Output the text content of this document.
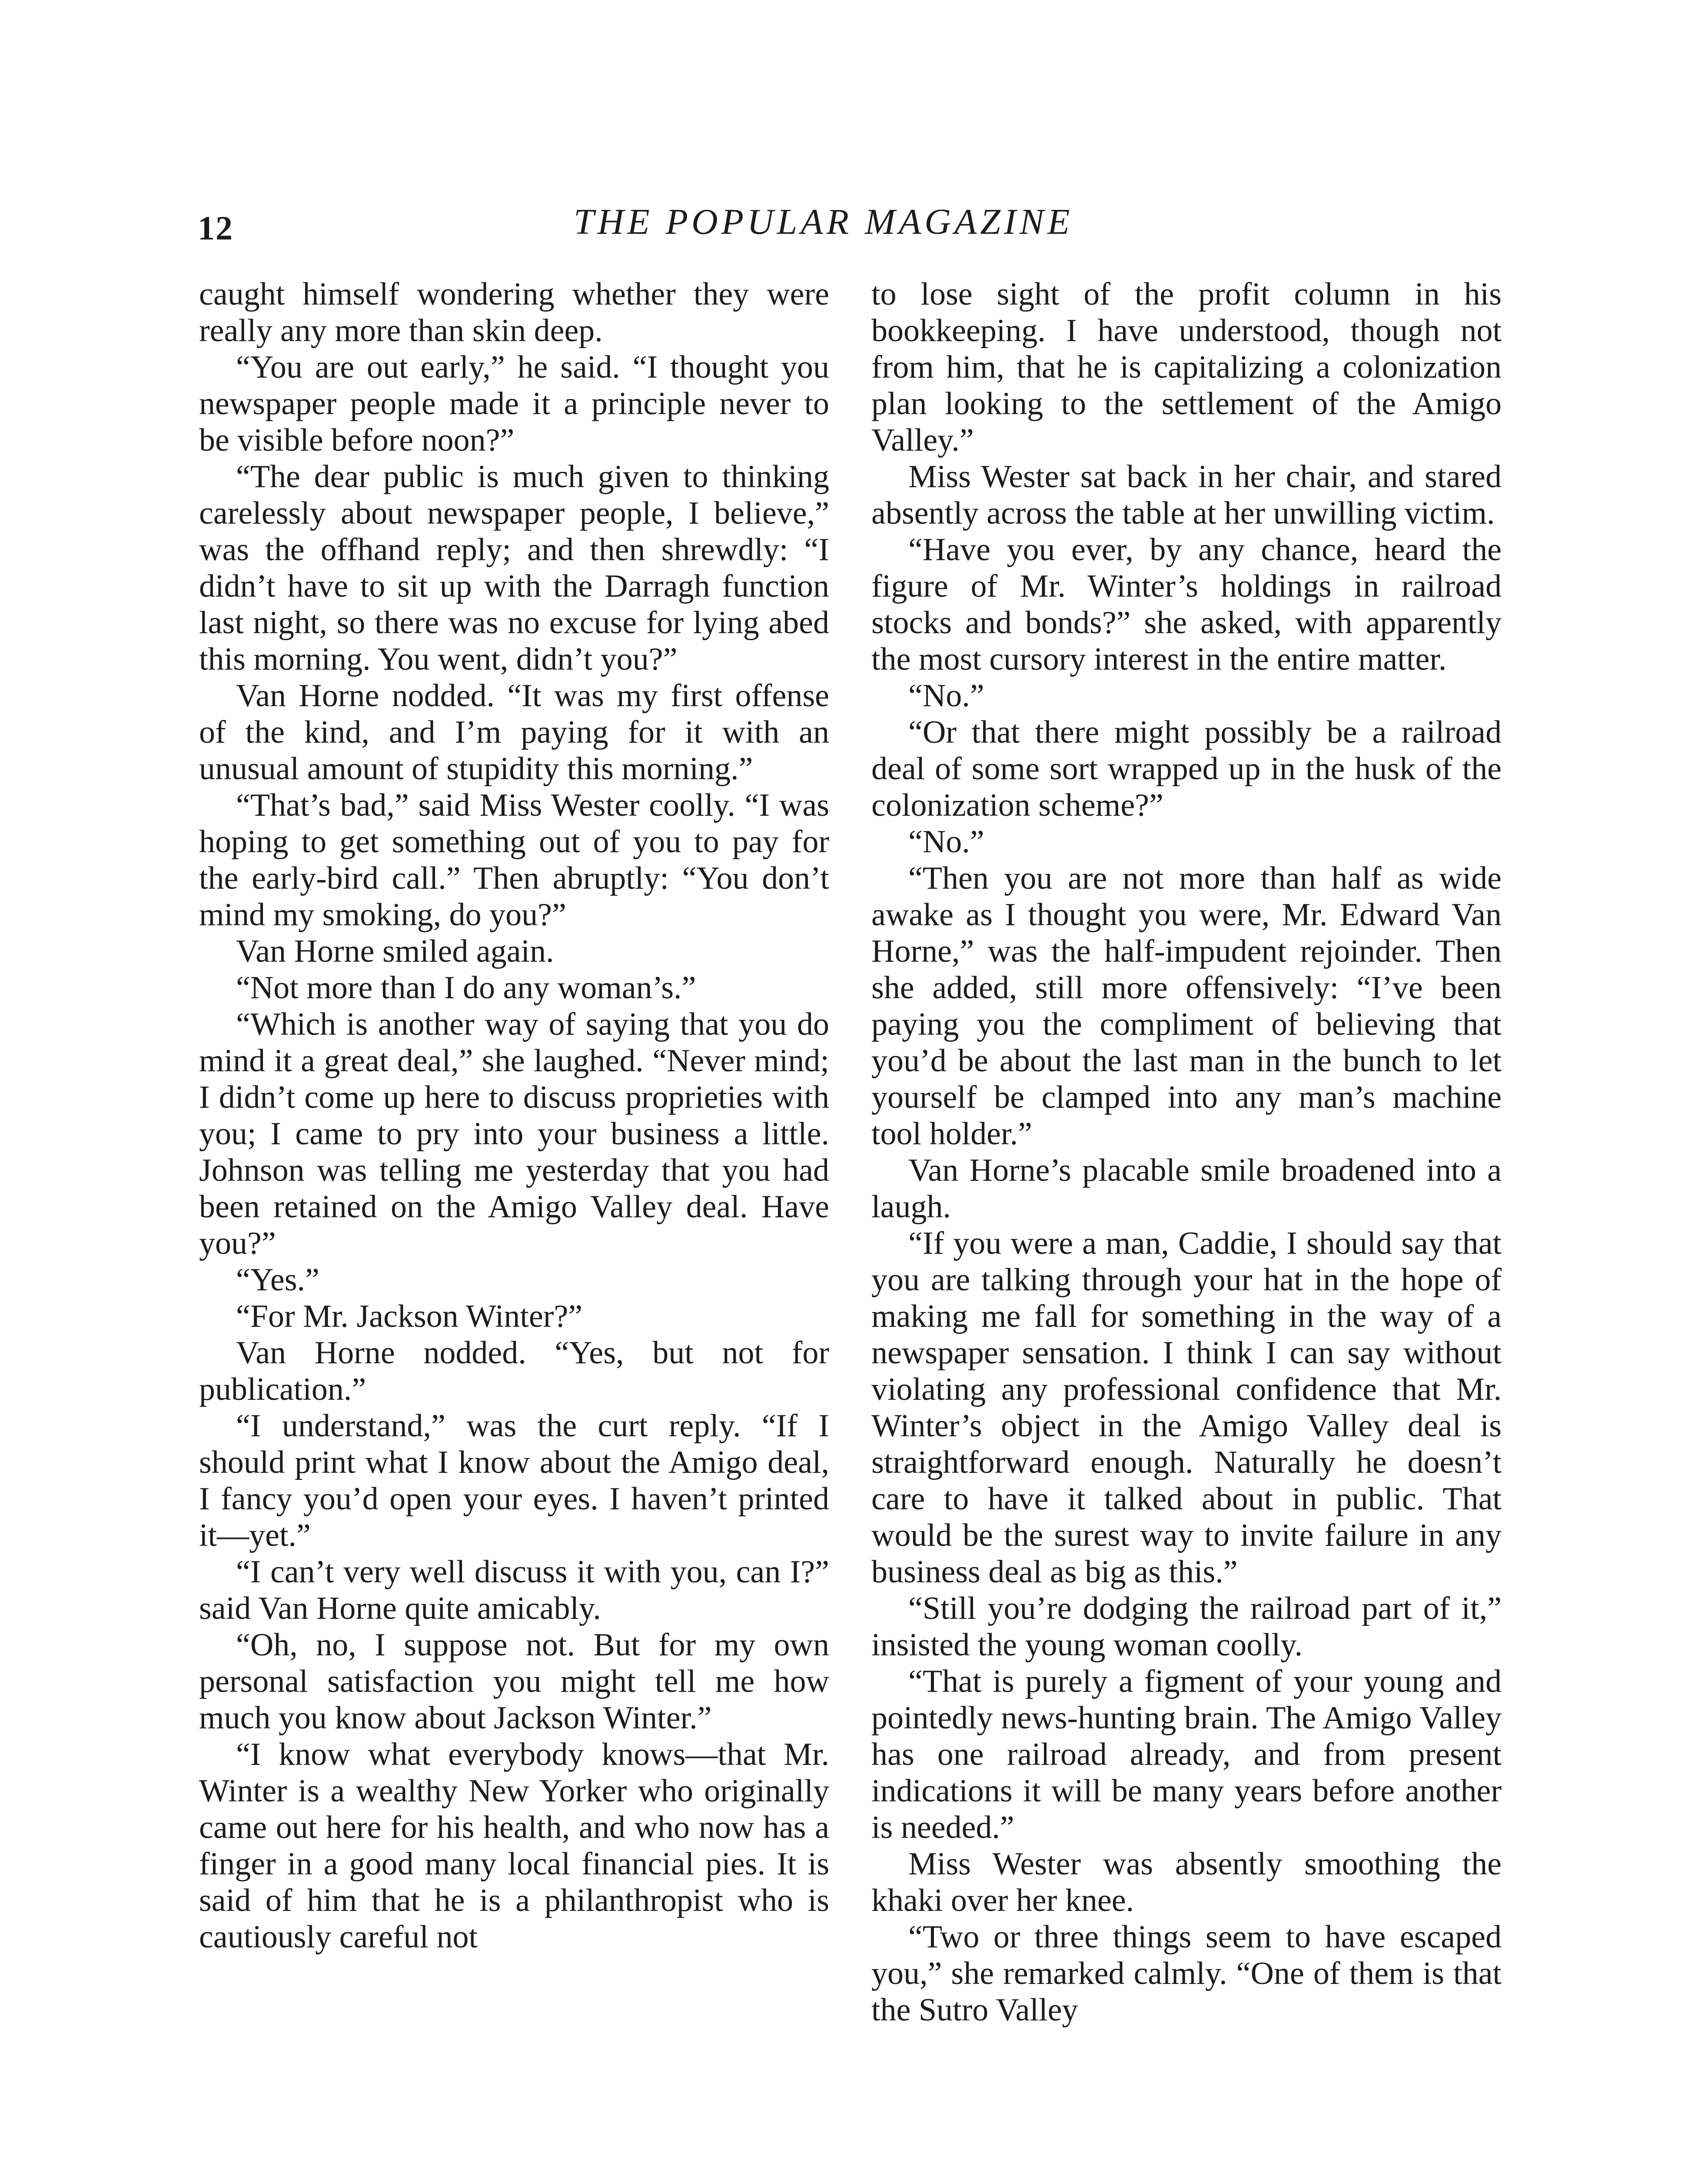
12	THE POPULAR MAGAZINE

caught himself wondering whether they were really any more than skin deep.

“You are out early,” he said. “I thought you newspaper people made it a principle never to be visible before noon?”

“The dear public is much given to thinking carelessly about newspaper people, I believe,” was the offhand reply; and then shrewdly: “I didn’t have to sit up with the Darragh function last night, so there was no excuse for lying abed this morning. You went, didn’t you?”

Van Horne nodded. “It was my first offense of the kind, and I’m paying for it with an unusual amount of stupidity this morning.”

“That’s bad,” said Miss Wester coolly. “I was hoping to get something out of you to pay for the early-bird call.” Then abruptly: “You don’t mind my smoking, do you?”

Van Horne smiled again.

“Not more than I do any woman’s.”

“Which is another way of saying that you do mind it a great deal,” she laughed. “Never mind; I didn’t come up here to discuss proprieties with you; I came to pry into your business a little. Johnson was telling me yesterday that you had been retained on the Amigo Valley deal. Have you?”

“Yes.”

“For Mr. Jackson Winter?”

Van Horne nodded. “Yes, but not for publication.”

“I understand,” was the curt reply. “If I should print what I know about the Amigo deal, I fancy you’d open your eyes. I haven’t printed it—yet.”

“I can’t very well discuss it with you, can I?” said Van Horne quite amicably.

“Oh, no, I suppose not. But for my own personal satisfaction you might tell me how much you know about Jackson Winter.”

“I know what everybody knows—that Mr. Winter is a wealthy New Yorker who originally came out here for his health, and who now has a finger in a good many local financial pies. It is said of him that he is a philanthropist who is cautiously careful not

to lose sight of the profit column in his bookkeeping. I have understood, though not from him, that he is capitalizing a colonization plan looking to the settlement of the Amigo Valley.”

Miss Wester sat back in her chair, and stared absently across the table at her unwilling victim.

“Have you ever, by any chance, heard the figure of Mr. Winter’s holdings in railroad stocks and bonds?” she asked, with apparently the most cursory interest in the entire matter.

“No.”

“Or that there might possibly be a railroad deal of some sort wrapped up in the husk of the colonization scheme?”

“No.”

“Then you are not more than half as wide awake as I thought you were, Mr. Edward Van Horne,” was the half-impudent rejoinder. Then she added, still more offensively: “I’ve been paying you the compliment of believing that you’d be about the last man in the bunch to let yourself be clamped into any man’s machine tool holder.”

Van Horne’s placable smile broadened into a laugh.

“If you were a man, Caddie, I should say that you are talking through your hat in the hope of making me fall for something in the way of a newspaper sensation. I think I can say without violating any professional confidence that Mr. Winter’s object in the Amigo Valley deal is straightforward enough. Naturally he doesn’t care to have it talked about in public. That would be the surest way to invite failure in any business deal as big as this.”

“Still you’re dodging the railroad part of it,” insisted the young woman coolly.

“That is purely a figment of your young and pointedly news-hunting brain. The Amigo Valley has one railroad already, and from present indications it will be many years before another is needed.”

Miss Wester was absently smoothing the khaki over her knee.

“Two or three things seem to have escaped you,” she remarked calmly. “One of them is that the Sutro Valley
